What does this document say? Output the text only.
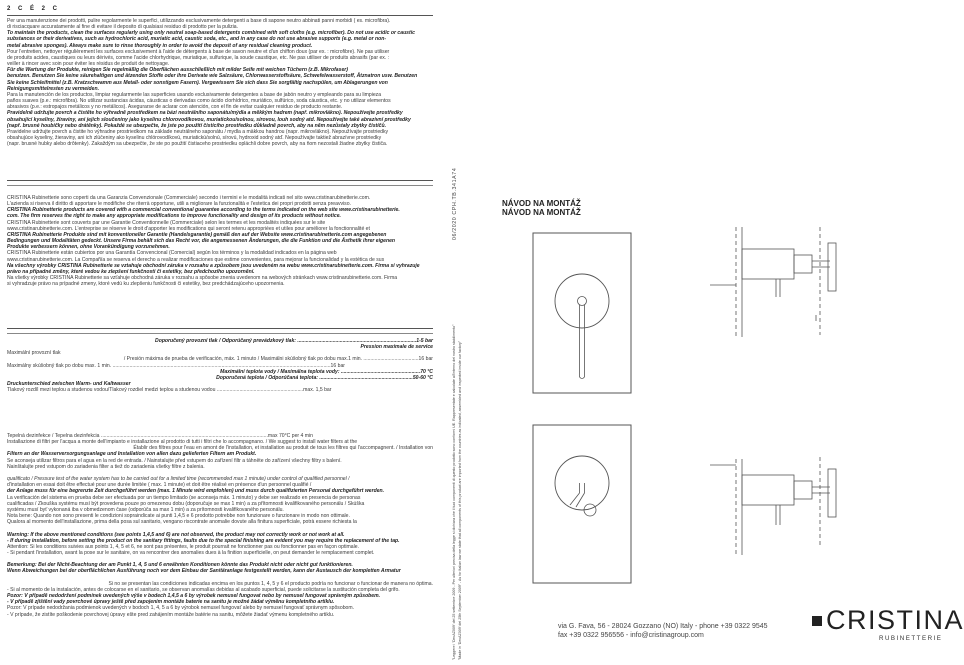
2 C É 2 C
Per una manutenzione dei prodotti, pulire regolarmente le superfici, utilizzando esclusivamente detergenti a base di sapone neutro abbinati panni morbidi ( es. microfibra).
di risciacquare accuratamente al fine di evitare il deposito di qualsiasi residuo di prodotto per la pulizia.
To maintain the products, clean the surfaces regularly using only neutral soap-based detergents combined with soft cloths (e.g. microfiber). Do not use acidic or caustic
substances or their derivatives, such as hydrochloric acid, muriatic acid, caustic soda, etc., and in any case do not use abrasive supports (e.g. metal or non-
metal abrasive sponges). Always make sure to rinse thoroughly in order to avoid the deposit of any residual cleaning product.
Pour l'entretien, nettoyer régulièrement les surfaces exclusivement à l'aide de détergents à base de savon neutre et d'un chiffon doux (par ex. : microfibre). Ne pas utiliser
de produits acides, caustiques ou leurs dérivés, comme l'acide chlorhydrique, muriatique, sulfurique, la soude caustique, etc. Ne pas utiliser de produits abrasifs (par ex. :
veiller à rincer avec soin pour éviter les résidus de produit de nettoyage.
Für die Wartung der Produkte, reinigen Sie regelmäßig die Oberflächen ausschließlich mit milder Seife mit weichen Tüchern (z.B. Mikrofaser)
benutzen. Benutzen Sie keine säurehaltigen und ätzenden Stoffe oder ihre Derivate wie Salzsäure, Chlorwasserstoffsäure, Schwefelwasserstoff, Ätznatron usw. Benutzen
Sie keine Schleifmittel (z.B. Kratzschwamm aus Metall- oder sonstigem Fasern). Vergewissern Sie sich dass Sie sorgfältig nachspülen, um Ablagerungen von
Reinigungsmittelresten zu vermeiden.
Para la manutención de los productos, limpiar regularmente las superficies usando exclusivamente detergentes a base de jabón neutro y empleando para su limpieza
paños suaves (p.e.: microfibra). No utilizar sustancias ácidas, cáusticas o derivadas como ácido clorhídrico, muriático, sulfúrico, soda cáustica, etc. y no utilizar elementos
abrasivos (p.e.: estropajos metálicos y no metálicos). Asegurarse de aclarar con atención, con el fin de evitar cualquier residuo de producto restante.
Pravidelně udržujte povrch a čistěte ho výhradně prostředkem na bázi neutrálního saponátu/mýdla a měkkým hadrem (např. mikrovlákno). Nepoužívejte prostředky
obsahující kyseliny, žíraviny, ani jejich sloučeniny jako kyselinu chlorovodíkovou, muriatickou/solnou, sírovou, louh sodný atd. Nepoužívejte také abrazivní prostředky
(např. brusné houbičky nebo drátěnky). Pokaždé se ubezpečte, že jste po použití čisticího prostředku důkladně povrch, aby na něm nezůstaly zbytky čističů.
Pravidelne udržujte povrch a čistite ho výhradne prostriedkom na základe neutrálneho saponátu / mydla a mäkkou handrou (napr. mikrovlákno). Nepoužívajte prostriedky
obsahujúce kyseliny, žieraviny, ani ich zlúčeniny ako kyselinu chlórovodíkovú, muriatickú/solnú, sírovú, hydroxid sodný atď. Nepoužívajte taktiež abrazívne prostriedky
(napr. brusné hubky alebo drôtenky). Zakaždým sa ubezpečte, že ste po použití čistiaceho prostriedku opláchli dobre povrch, aby na ňom nezostali žiadne zbytky čističa.
CRISTINA Rubinetterie sono coperti da una Garanzia Convenzionale (Commerciale) secondo i termini e le modalità indicati nel sito www.cristinarubinetterie.com.
L'azienda si riserva il diritto di apportare le modifiche che riterrà opportune, utili a migliorare la funzionalità e l'estetica dei propri prodotti senza preavviso.
CRISTINA Rubinetterie products are covered with a commercial conventional guarantee according to the terms indicated on the web site www.cristinarubinetterie.
com. The firm reserves the right to make any appropriate modifications to improve functionality and design of its products without notice.
CRISTINA Rubinetterie sont couverts par une Garantie Conventionnelle (Commerciale) selon les termes et les modalités indiquées sur le site
www.cristinarubinetterie.com. L'entreprise se réserve le droit d'apporter les modifications qui seront retenu appropriées et utiles pour améliorer la fonctionnalité et
CRISTINA Rubinetterie Produkte sind mit konventioneller Garantie (Handelsgarantie) gemäß den auf der Website www.cristinarubinetterie.com angegebenen
Bedingungen und Modalitäten gedeckt. Unsere Firma behält sich das Recht vor, die angemessenen Änderungen, die die Funktion und die Ästhetik ihrer eigenen
Produkte verbessern können, ohne Vorankündigung vorzunehmen.
CRISTINA Rubinetterie están cubiertos por una Garantía Convencional (Comercial) según los términos y la modalidad indicados en la página web
www.cristinarubinetterie.com. La Compañía se reserva el derecho a realizar modificaciones que estime convenientes, para mejorar la funcionalidad y la estética de sus
Na všechny výrobky CRISTINA Rubinetterie se vztahuje obchodní záruka v rozsahu a způsobem jsou uvedeném na webu www.cristinarubinetterie.com. Firma si vyhrazuje
právo na případné změny, které vedou ke zlepšení funkčnosti či estetiky, bez předchozího upozornění.
Na všetky výrobky CRISTINA Rubinetterie sa vzťahuje obchodná záruka v rozsahu a spôsobe znenia uvedenom na webových stránkach www.cristinarubinetterie.com. Firma
si vyhradzuje právo na prípadné zmeny, ktoré vedú ku zlepšeniu funkčnosti či estetiky, bez predchádzajúceho upozornenia.
Doporučený provozní tlak / Odporúčaný prevádzkový tlak: ....................................................................................1-5 bar
Pression maximale de service
Maximální provozní tlak
/ Presión máxima de prueba de verificación, máx. 1 minuto / Maximálni skúšobný tlak po dobu max.1 min. .......................................16 bar
Maximálny skúšobný tlak po dobu max. 1 min. ..........................................................................................................................................................16 bar
Maximální teplota vody / Maximálna teplota vody: ........................................................70 °C
Doporučená teplota / Odporúčaná teplota: ..................................................................50-60 °C
Druckunterschied zwischen Warm- und Kaltwasser
Tlakový rozdíl mezi teplou a studenou vodou/Tlakový rozdiel medzi teplou a studenou vodou .............................................................max. 1,5 bar
Tepelná dezinfekce / Tepelna dezinfekcia ......................................................................................................................max 70°C per 4 min
Installazione di filtri per l'acqua a monte dell'impianto e installazione al prodotto di tutti i filtri che lo accompagnano. / We suggest to install water filters at the
Établir des filtres pour l'eau en amont de l'installation, et installation au produit de tous les filtres qui l'accompagnent. / Installation von
Filtern an der Wasserversorgungsanlage und Installation von allen dazu gelieferten Filtern am Produkt.
Se aconseja utilizar filtros para el agua en la red de entrada. / Nainstalujte před vstupem do zařízení filtr a táhněte do zařízení všechny filtry s balení.
Nainštalujte pred vstupom do zariadenia filter a tiež do zariadenia všetky filtre z balenia.

qualificato / Pressure test of the water system has to be carried out for a limited time (recommended max 1 minute) under control of qualified personnel /
d'installation en essai doit être effectué pour une durée limitée ( max. 1 minute) et doit être réalisé en présence d'un personnel qualifié /
der Anlage muss für eine begrenzte Zeit durchgeführt werden (max. 1 Minute wird empfohlen) und muss durch qualifizierten Personal durchgeführt werden.
La verificación del sistema en prueba debe ser efectuada por un tiempo limitado (se aconseja máx. 1 minuto) y debe ser realizado en presencia de personas
cualificadas / Zkouška systému musí být provedena pouze po omezenou dobu (doporučuje se max 1 min) a za přítomnosti kvalifikovaného personálu / Skúška
systému musí byť vykonaná iba v obmedzenom čase (odporúča sa max 1 min) a za prítomnosti kvalifikovaného personálu.
Nota bene: Quando non sono presenti le condizioni sopraindicate ai punti 1,4,5 e 6 prodotto potrebbe non funzionare o funzionare in modo non ottimale.
Qualora al momento dell'installazione, prima della posa sul sanitario, vengano riscontrate anomalie dovute alla finitura superficiale, potrà essere richiesta la

Warning: If the above mentioned conditions (see points 1,4,5 and 6) are not observed, the product may not correctly work or not work at all.
- If during installation, before setting the product on the sanitary fittings, faults due to the special finishing are evident you may require the replacement of the tap.
Attention: Si les conditions suivies aux points 1, 4, 5 et 6, ne sont pas présentes, le produit pourrait ne fonctionner pas ou fonctionner pas en façon optimale.
- Si pendant l'installation, avant la pose sur le sanitaire, on va rencontrer des anomalies dues à la finition superficielle, on peut demander le remplacement complet.

Bemerkung: Bei der Nicht-Beachtung der am Punkt 1, 4, 5 und 6 erwähnten Konditionen könnte das Produkt nicht oder nicht gut funktionieren.
Wenn Abweichungen bei der oberflächlichen Ausführung noch vor dem Einbau der Sanitäranlage festgestellt werden, kann der Austausch der kompletten Armatur

Si no se presentan las condiciones indicadas encima en los puntos 1, 4, 5 y 6 el producto podría no funcionar o funcionar de manera no óptima.
- Si al momento de la instalación, antes de colocarse en el sanitario, se observan anomalías debidas al acabado superficial, puede solicitarse la sustitución completa del grifo.
Pozor: V případě nedodržení podmínek uvedených výše v bodech 1,4,5 a 6 by výrobek nemusel fungovat nebo by nemusel fungovat správným způsobem.
- V případě zjištění vady povrchové úpravy ještě před zapojením montáže baterie na sanitu je možné žádat výměnu kompletního artiklu.
Pozor: V prípade nedodržania podmienok uvedených v bodoch 1, 4, 5 a 6 by výrobok nemusel fungovať alebo by nemusel fungovať správnym spôsobom.
- V prípade, že zistíte poškodenie povrchovej úpravy ešte pred zahájením montáže batérie na sanitu, môžete žiadať výmenu kompletného artiklu.
06/2020 CPH.TB.341A74
"Leggere i 'DecAZ009' del 25 settembre 2009 - Per ulteriori precisa della legge si dichiara che il tuoi componenti di questo prodotto sono conformi UE. Rappresentate e calcolate all'interno del nostro stabilimento" "Made in 'DecAZ009' del 25th September 2009" - As for Italian law we state that all components of this product are imported from the countries as indicated, assembled and inspected inside our factory"
NÁVOD NA MONTÁŽ
NÁVOD NA MONTÁŽ
CRISTINA
RUBINETTERIE
via G. Fava, 56 - 28024 Gozzano (NO) Italy - phone +39 0322 9545
fax +39 0322 956556 - info@cristinagroup.com
